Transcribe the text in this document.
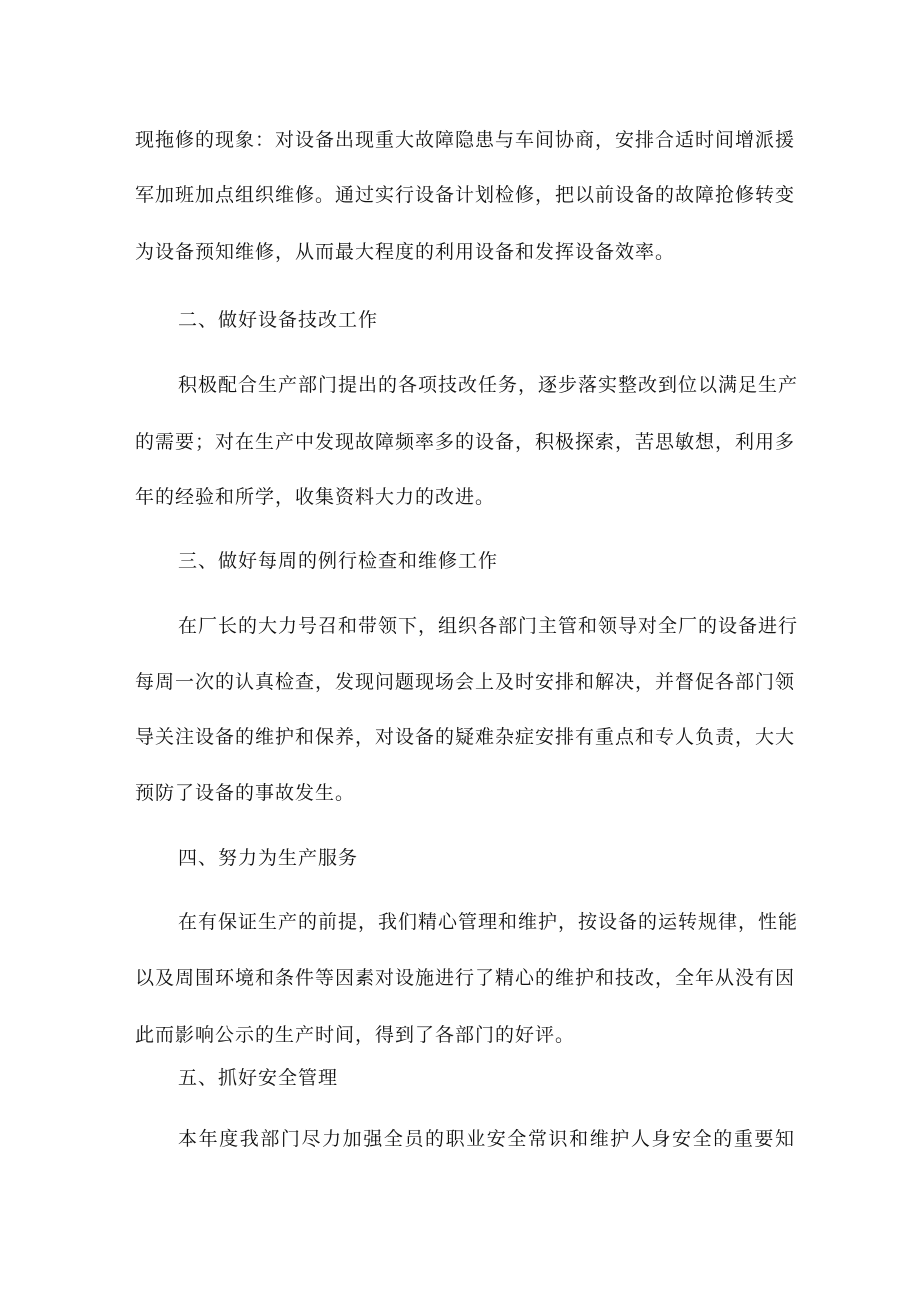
现拖修的现象：对设备出现重大故障隐患与车间协商，安排合适时间增派援
军加班加点组织维修。通过实行设备计划检修，把以前设备的故障抢修转变
为设备预知维修，从而最大程度的利用设备和发挥设备效率。
二、做好设备技改工作
积极配合生产部门提出的各项技改任务，逐步落实整改到位以满足生产
的需要；对在生产中发现故障频率多的设备，积极探索，苦思敏想，利用多
年的经验和所学，收集资料大力的改进。
三、做好每周的例行检查和维修工作
在厂长的大力号召和带领下，组织各部门主管和领导对全厂的设备进行
每周一次的认真检查，发现问题现场会上及时安排和解决，并督促各部门领
导关注设备的维护和保养，对设备的疑难杂症安排有重点和专人负责，大大
预防了设备的事故发生。
四、努力为生产服务
在有保证生产的前提，我们精心管理和维护，按设备的运转规律，性能
以及周围环境和条件等因素对设施进行了精心的维护和技改，全年从没有因
此而影响公示的生产时间，得到了各部门的好评。
五、抓好安全管理
本年度我部门尽力加强全员的职业安全常识和维护人身安全的重要知
